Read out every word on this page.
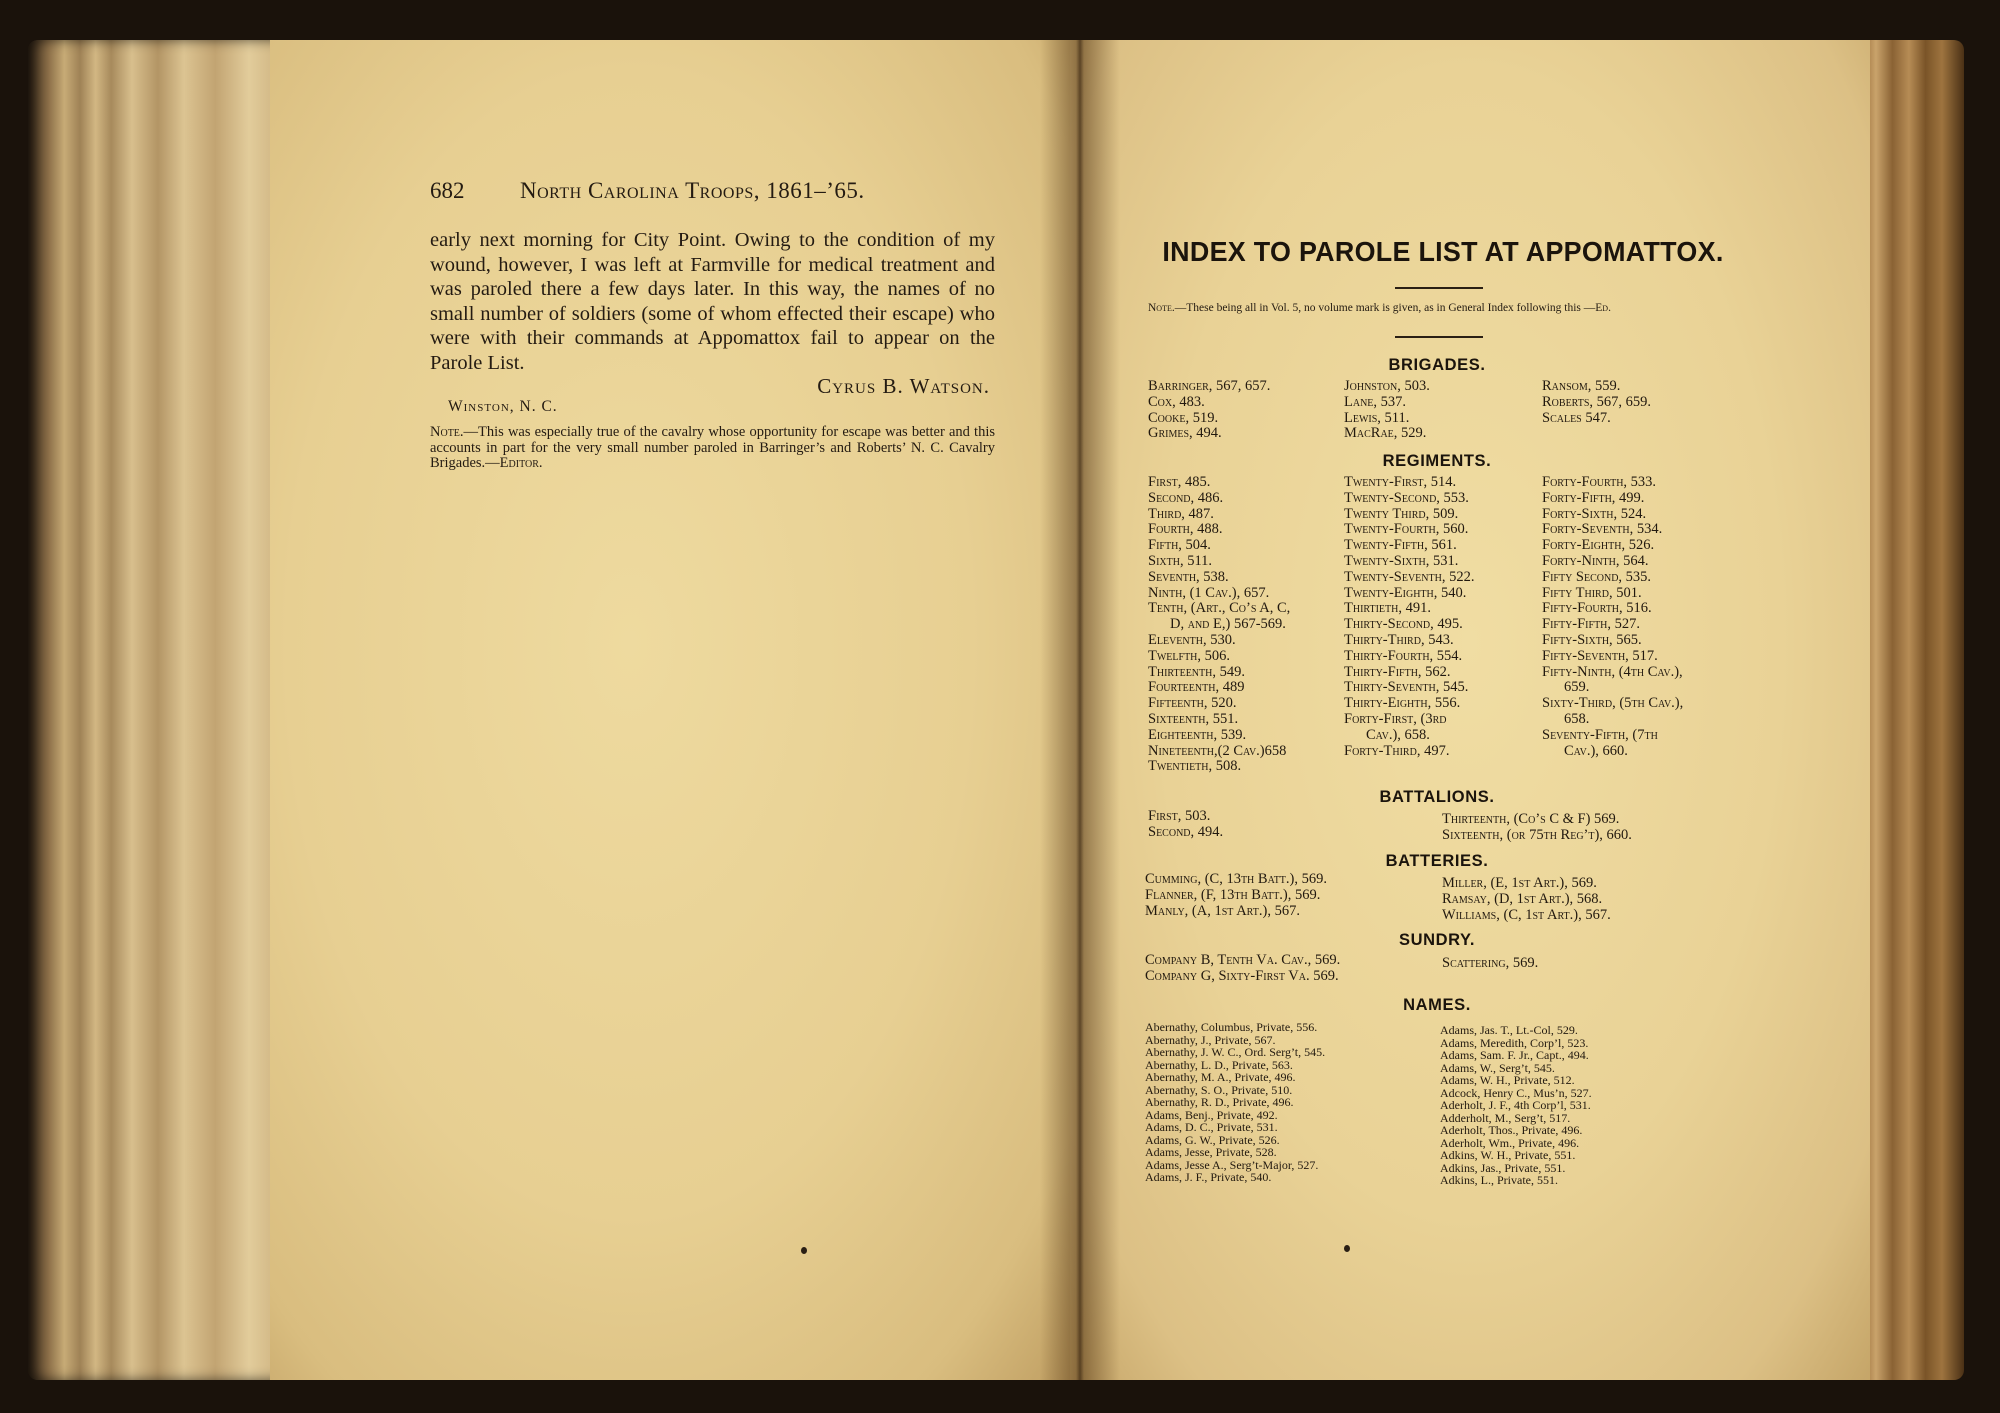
682	North Carolina Troops, 1861–’65.
early next morning for City Point. Owing to the condition of my wound, however, I was left at Farmville for medical treatment and was paroled there a few days later. In this way, the names of no small number of soldiers (some of whom effected their escape) who were with their commands at Appomattox fail to appear on the Parole List.
Cyrus B. Watson.
Winston, N. C.
Note.—This was especially true of the cavalry whose opportunity for escape was better and this accounts in part for the very small number paroled in Barringer’s and Roberts’ N. C. Cavalry Brigades.—Editor.
INDEX TO PAROLE LIST AT APPOMATTOX.
Note.—These being all in Vol. 5, no volume mark is given, as in General Index following this —Ed.
BRIGADES.
Barringer, 567, 657.
Cox, 483.
Cooke, 519.
Grimes, 494.
Johnston, 503.
Lane, 537.
Lewis, 511.
MacRae, 529.
Ransom, 559.
Roberts, 567, 659.
Scales 547.
REGIMENTS.
First, 485.
Second, 486.
Third, 487.
Fourth, 488.
Fifth, 504.
Sixth, 511.
Seventh, 538.
Ninth, (1 Cav.), 657.
Tenth, (Art., Co’s A, C,
D, and E,) 567-569.
Eleventh, 530.
Twelfth, 506.
Thirteenth, 549.
Fourteenth, 489
Fifteenth, 520.
Sixteenth, 551.
Eighteenth, 539.
Nineteenth,(2 Cav.)658
Twentieth, 508.
Twenty-First, 514.
Twenty-Second, 553.
Twenty Third, 509.
Twenty-Fourth, 560.
Twenty-Fifth, 561.
Twenty-Sixth, 531.
Twenty-Seventh, 522.
Twenty-Eighth, 540.
Thirtieth, 491.
Thirty-Second, 495.
Thirty-Third, 543.
Thirty-Fourth, 554.
Thirty-Fifth, 562.
Thirty-Seventh, 545.
Thirty-Eighth, 556.
Forty-First, (3rd
Cav.), 658.
Forty-Third, 497.
Forty-Fourth, 533.
Forty-Fifth, 499.
Forty-Sixth, 524.
Forty-Seventh, 534.
Forty-Eighth, 526.
Forty-Ninth, 564.
Fifty Second, 535.
Fifty Third, 501.
Fifty-Fourth, 516.
Fifty-Fifth, 527.
Fifty-Sixth, 565.
Fifty-Seventh, 517.
Fifty-Ninth, (4th Cav.),
659.
Sixty-Third, (5th Cav.),
658.
Seventy-Fifth, (7th
Cav.), 660.
BATTALIONS.
First, 503.
Second, 494.
Thirteenth, (Co’s C & F) 569.
Sixteenth, (or 75th Reg’t), 660.
BATTERIES.
Cumming, (C, 13th Batt.), 569.
Flanner, (F, 13th Batt.), 569.
Manly, (A, 1st Art.), 567.
Miller, (E, 1st Art.), 569.
Ramsay, (D, 1st Art.), 568.
Williams, (C, 1st Art.), 567.
SUNDRY.
Company B, Tenth Va. Cav., 569.
Company G, Sixty-First Va. 569.
Scattering, 569.
NAMES.
Abernathy, Columbus, Private, 556.
Abernathy, J., Private, 567.
Abernathy, J. W. C., Ord. Serg’t, 545.
Abernathy, L. D., Private, 563.
Abernathy, M. A., Private, 496.
Abernathy, S. O., Private, 510.
Abernathy, R. D., Private, 496.
Adams, Benj., Private, 492.
Adams, D. C., Private, 531.
Adams, G. W., Private, 526.
Adams, Jesse, Private, 528.
Adams, Jesse A., Serg’t-Major, 527.
Adams, J. F., Private, 540.
Adams, Jas. T., Lt.-Col, 529.
Adams, Meredith, Corp’l, 523.
Adams, Sam. F. Jr., Capt., 494.
Adams, W., Serg’t, 545.
Adams, W. H., Private, 512.
Adcock, Henry C., Mus’n, 527.
Aderholt, J. F., 4th Corp’l, 531.
Adderholt, M., Serg’t, 517.
Aderholt, Thos., Private, 496.
Aderholt, Wm., Private, 496.
Adkins, W. H., Private, 551.
Adkins, Jas., Private, 551.
Adkins, L., Private, 551.
